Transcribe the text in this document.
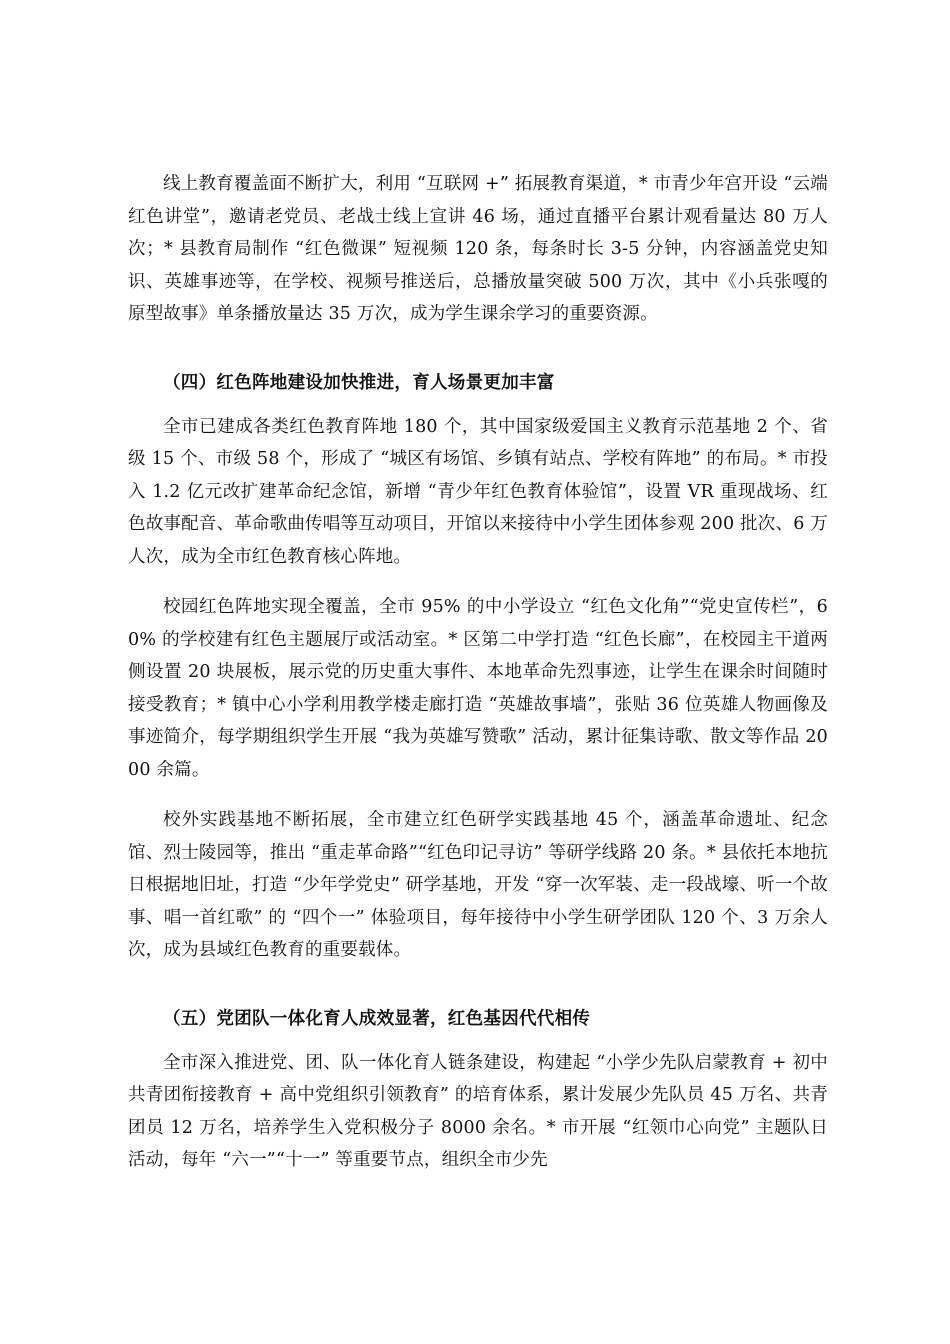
线上教育覆盖面不断扩大，利用 “互联网 +” 拓展教育渠道，* 市青少年宫开设 “云端红色讲堂”，邀请老党员、老战士线上宣讲 46 场，通过直播平台累计观看量达 80 万人次；* 县教育局制作 “红色微课” 短视频 120 条，每条时长 3-5 分钟，内容涵盖党史知识、英雄事迹等，在学校、视频号推送后，总播放量突破 500 万次，其中《小兵张嘎的原型故事》单条播放量达 35 万次，成为学生课余学习的重要资源。

（四）红色阵地建设加快推进，育人场景更加丰富

全市已建成各类红色教育阵地 180 个，其中国家级爱国主义教育示范基地 2 个、省级 15 个、市级 58 个，形成了 “城区有场馆、乡镇有站点、学校有阵地” 的布局。* 市投入 1.2 亿元改扩建革命纪念馆，新增 “青少年红色教育体验馆”，设置 VR 重现战场、红色故事配音、革命歌曲传唱等互动项目，开馆以来接待中小学生团体参观 200 批次、6 万人次，成为全市红色教育核心阵地。

校园红色阵地实现全覆盖，全市 95% 的中小学设立 “红色文化角”“党史宣传栏”，60% 的学校建有红色主题展厅或活动室。* 区第二中学打造 “红色长廊”，在校园主干道两侧设置 20 块展板，展示党的历史重大事件、本地革命先烈事迹，让学生在课余时间随时接受教育；* 镇中心小学利用教学楼走廊打造 “英雄故事墙”，张贴 36 位英雄人物画像及事迹简介，每学期组织学生开展 “我为英雄写赞歌” 活动，累计征集诗歌、散文等作品 2000 余篇。

校外实践基地不断拓展，全市建立红色研学实践基地 45 个，涵盖革命遗址、纪念馆、烈士陵园等，推出 “重走革命路”“红色印记寻访” 等研学线路 20 条。* 县依托本地抗日根据地旧址，打造 “少年学党史” 研学基地，开发 “穿一次军装、走一段战壕、听一个故事、唱一首红歌” 的 “四个一” 体验项目，每年接待中小学生研学团队 120 个、3 万余人次，成为县域红色教育的重要载体。

（五）党团队一体化育人成效显著，红色基因代代相传

全市深入推进党、团、队一体化育人链条建设，构建起 “小学少先队启蒙教育 + 初中共青团衔接教育 + 高中党组织引领教育” 的培育体系，累计发展少先队员 45 万名、共青团员 12 万名，培养学生入党积极分子 8000 余名。* 市开展 “红领巾心向党” 主题队日活动，每年 “六一”“十一” 等重要节点，组织全市少先
